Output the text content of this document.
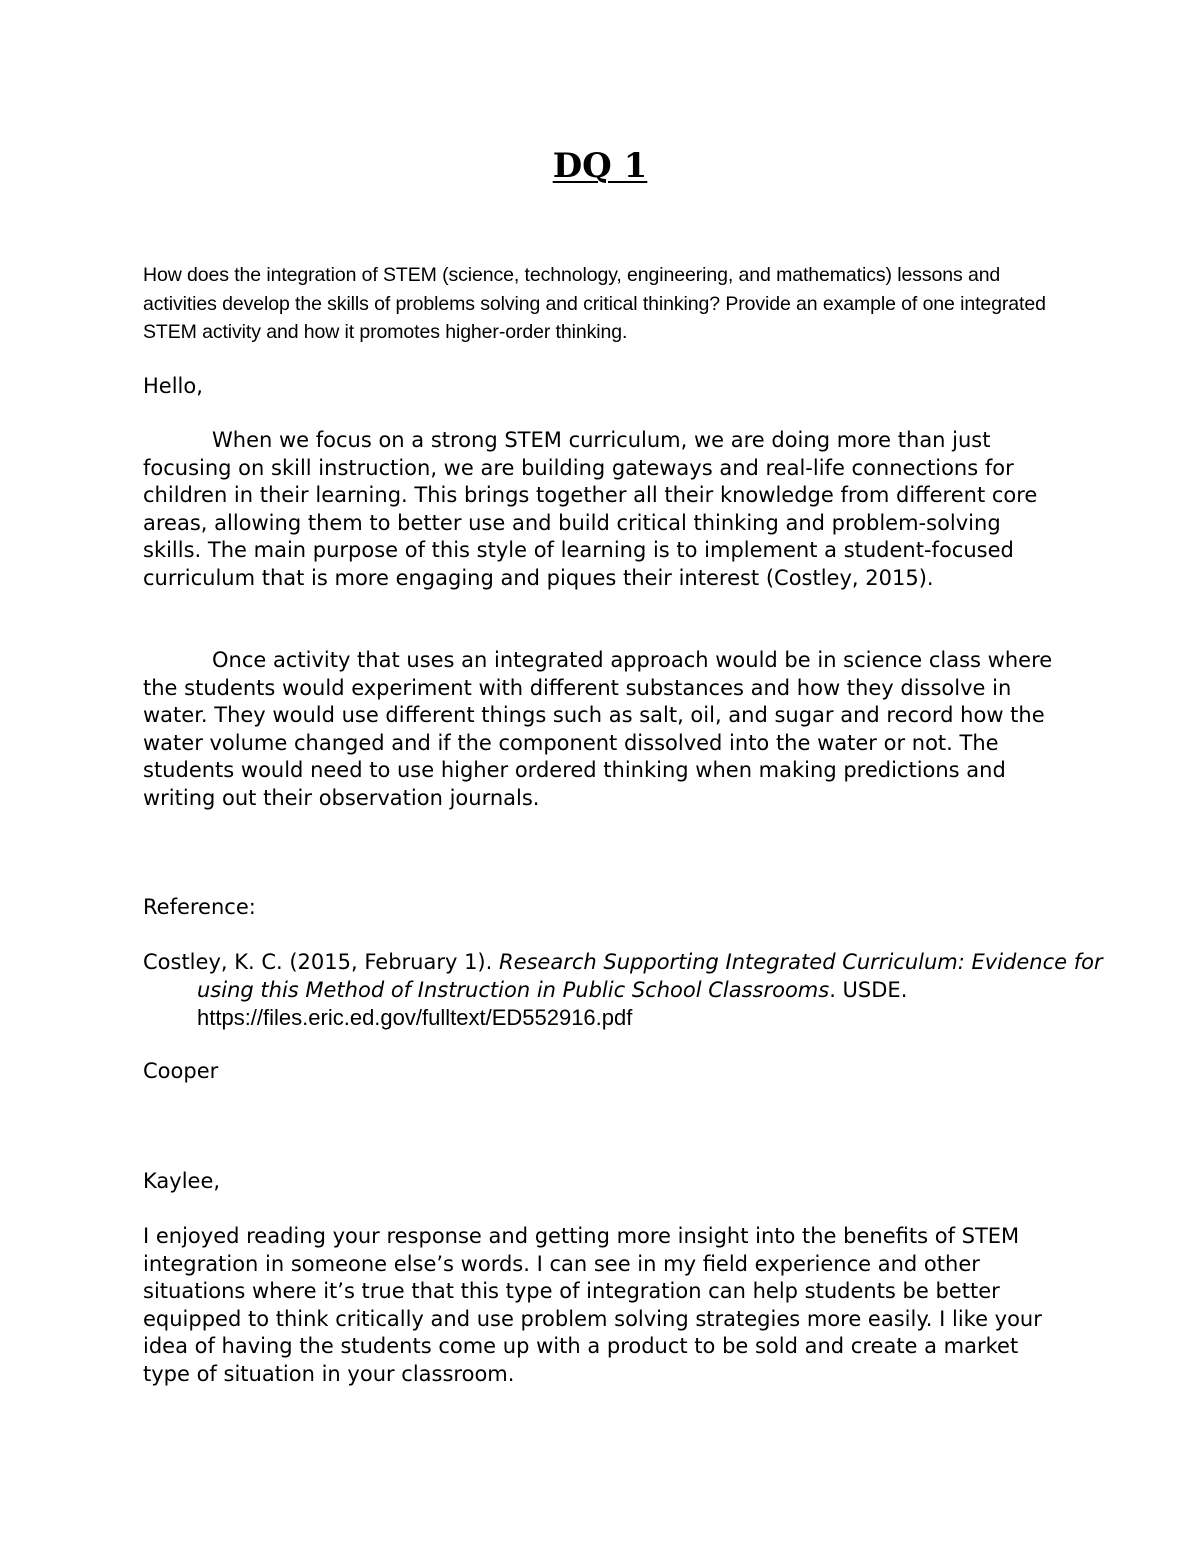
DQ 1

How does the integration of STEM (science, technology, engineering, and mathematics) lessons and activities develop the skills of problems solving and critical thinking? Provide an example of one integrated STEM activity and how it promotes higher-order thinking.

Hello,

When we focus on a strong STEM curriculum, we are doing more than just focusing on skill instruction, we are building gateways and real-life connections for children in their learning. This brings together all their knowledge from different core areas, allowing them to better use and build critical thinking and problem-solving skills. The main purpose of this style of learning is to implement a student-focused curriculum that is more engaging and piques their interest (Costley, 2015).

Once activity that uses an integrated approach would be in science class where the students would experiment with different substances and how they dissolve in water. They would use different things such as salt, oil, and sugar and record how the water volume changed and if the component dissolved into the water or not. The students would need to use higher ordered thinking when making predictions and writing out their observation journals.

Reference:

Costley, K. C. (2015, February 1). Research Supporting Integrated Curriculum: Evidence for using this Method of Instruction in Public School Classrooms. USDE. https://files.eric.ed.gov/fulltext/ED552916.pdf

Cooper

Kaylee,

I enjoyed reading your response and getting more insight into the benefits of STEM integration in someone else’s words. I can see in my field experience and other situations where it’s true that this type of integration can help students be better equipped to think critically and use problem solving strategies more easily. I like your idea of having the students come up with a product to be sold and create a market type of situation in your classroom.
